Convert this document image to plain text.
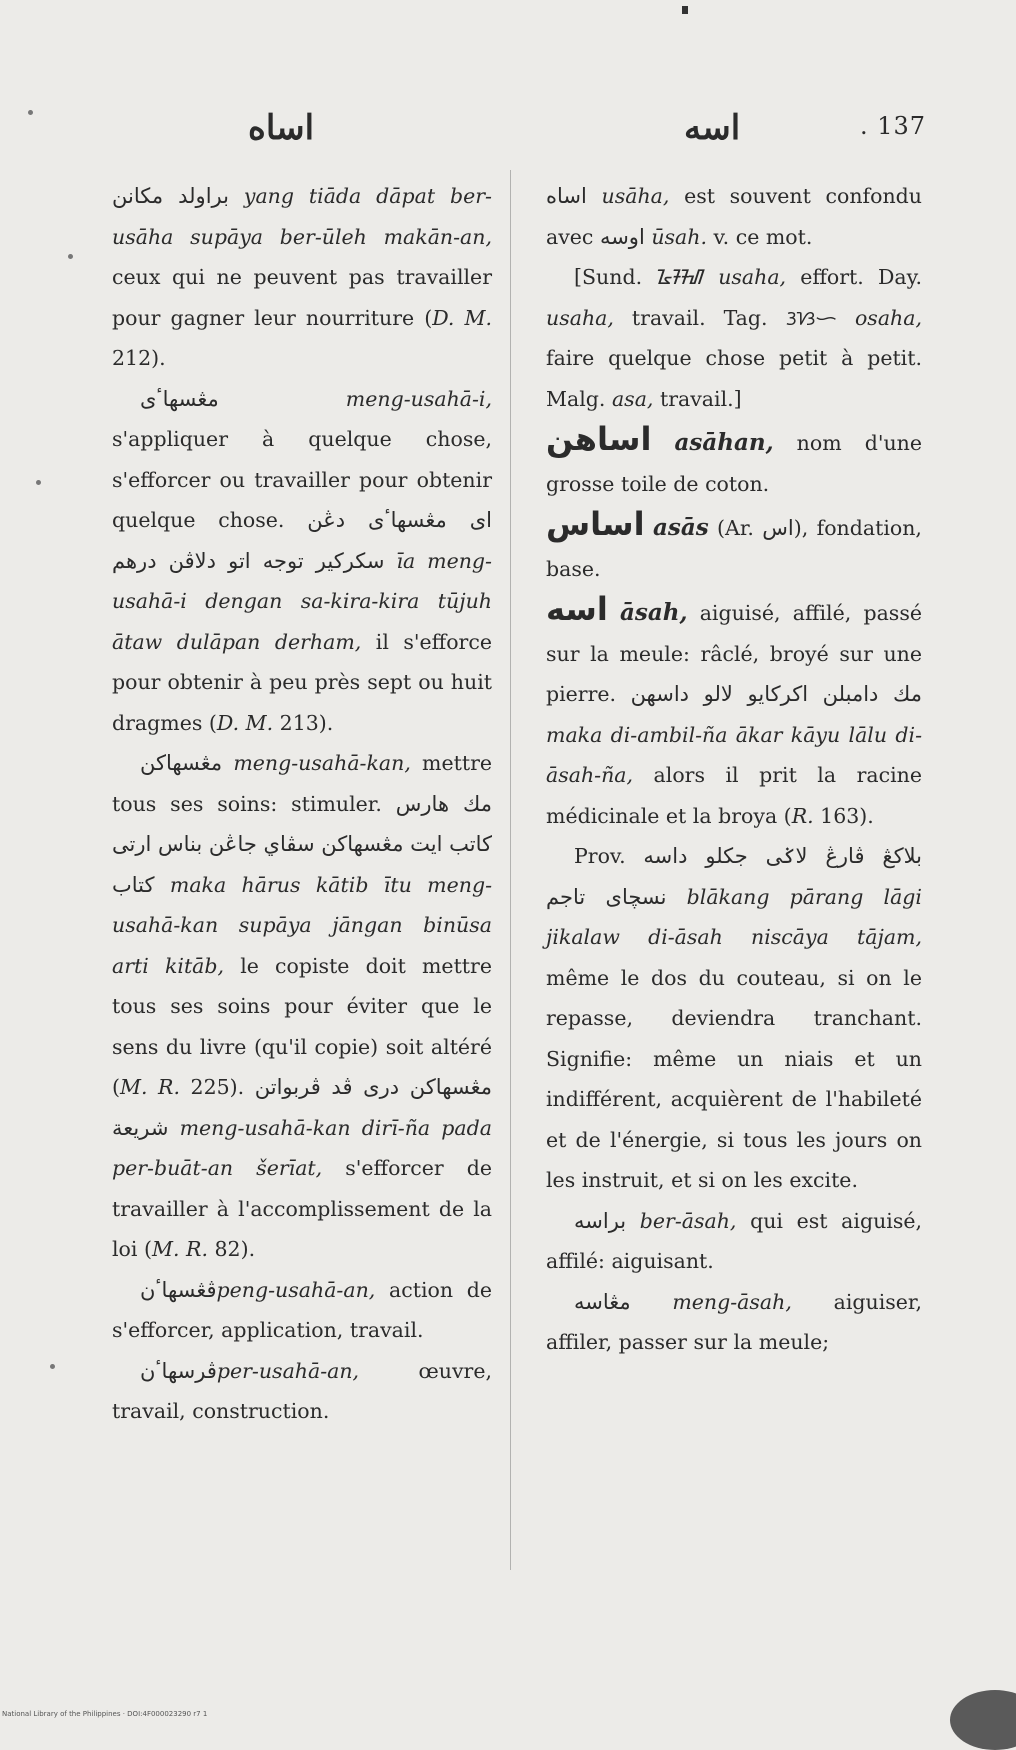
اساه	اسه	. 137

براولد مکانن yang tiāda dāpat ber-usāha supāya ber-ūleh makān-an, ceux qui ne peuvent pas travailler pour gagner leur nourriture (D. M. 212).

مڠسهاٴی	meng-usahā-i, s'appliquer à quelque chose, s'efforcer ou travailler pour obtenir quelque chose. ای مڠسهاٴی دڠن سکرکیر توجه اتو دلاڤن درهم īa meng-usahā-i dengan sa-kira-kira tūjuh ātaw dulāpan derham, il s'efforce pour obtenir à peu près sept ou huit dragmes (D. M. 213).

مڠسهاکن meng-usahā-kan, mettre tous ses soins: stimuler. مك هارس کاتب ايت مڠسهاکن سڤاي جاڠن بناس ارتی کتاب maka hārus kātib ītu meng-usahā-kan supāya jāngan binūsa arti kitāb, le copiste doit mettre tous ses soins pour éviter que le sens du livre (qu'il copie) soit altéré (M. R. 225). مڠسهاکن دری ڤد ڤربواتن شريعة meng-usahā-kan dirī-ña pada per-buāt-an šerīat, s'efforcer de travailler à l'accomplissement de la loi (M. R. 82).

ڤڠسهاٴنpeng-usahā-an, action de s'efforcer, application, travail.

ڤرسهاٴنper-usahā-an,	œuvre, travail, construction.

اساه usāha, est souvent confondu avec اوسه ūsah. v. ce mot.

[Sund. ᮅᮞᮠ usaha, effort. Day. usaha, travail. Tag. ᜂᜐᜑ osaha, faire quelque chose petit à petit. Malg. asa, travail.]

اساهن asāhan, nom d'une grosse toile de coton.

اساس asās (Ar. اس), fondation, base.

اسه āsah, aiguisé, affilé, passé sur la meule: râclé, broyé sur une pierre. مك دامبلن اکرکايو لالو داسهن maka di-ambil-ña ākar kāyu lālu di-āsah-ña, alors il prit la racine médicinale et la broya (R. 163).

Prov. بلاکڠ ڤارڠ لاݢی جکلو داسه نسچای تاجم blākang pārang lāgi jikalaw di-āsah niscāya tājam, même le dos du couteau, si on le repasse, deviendra tranchant. Signifie: même un niais et un indifférent, acquièrent de l'habileté et de l'énergie, si tous les jours on les instruit, et si on les excite.

براسه ber-āsah, qui est aiguisé, affilé: aiguisant.

مڠاسه meng-āsah, aiguiser, affiler, passer sur la meule;

National Library of the Philippines · DOI:4F000023290 r7 1
